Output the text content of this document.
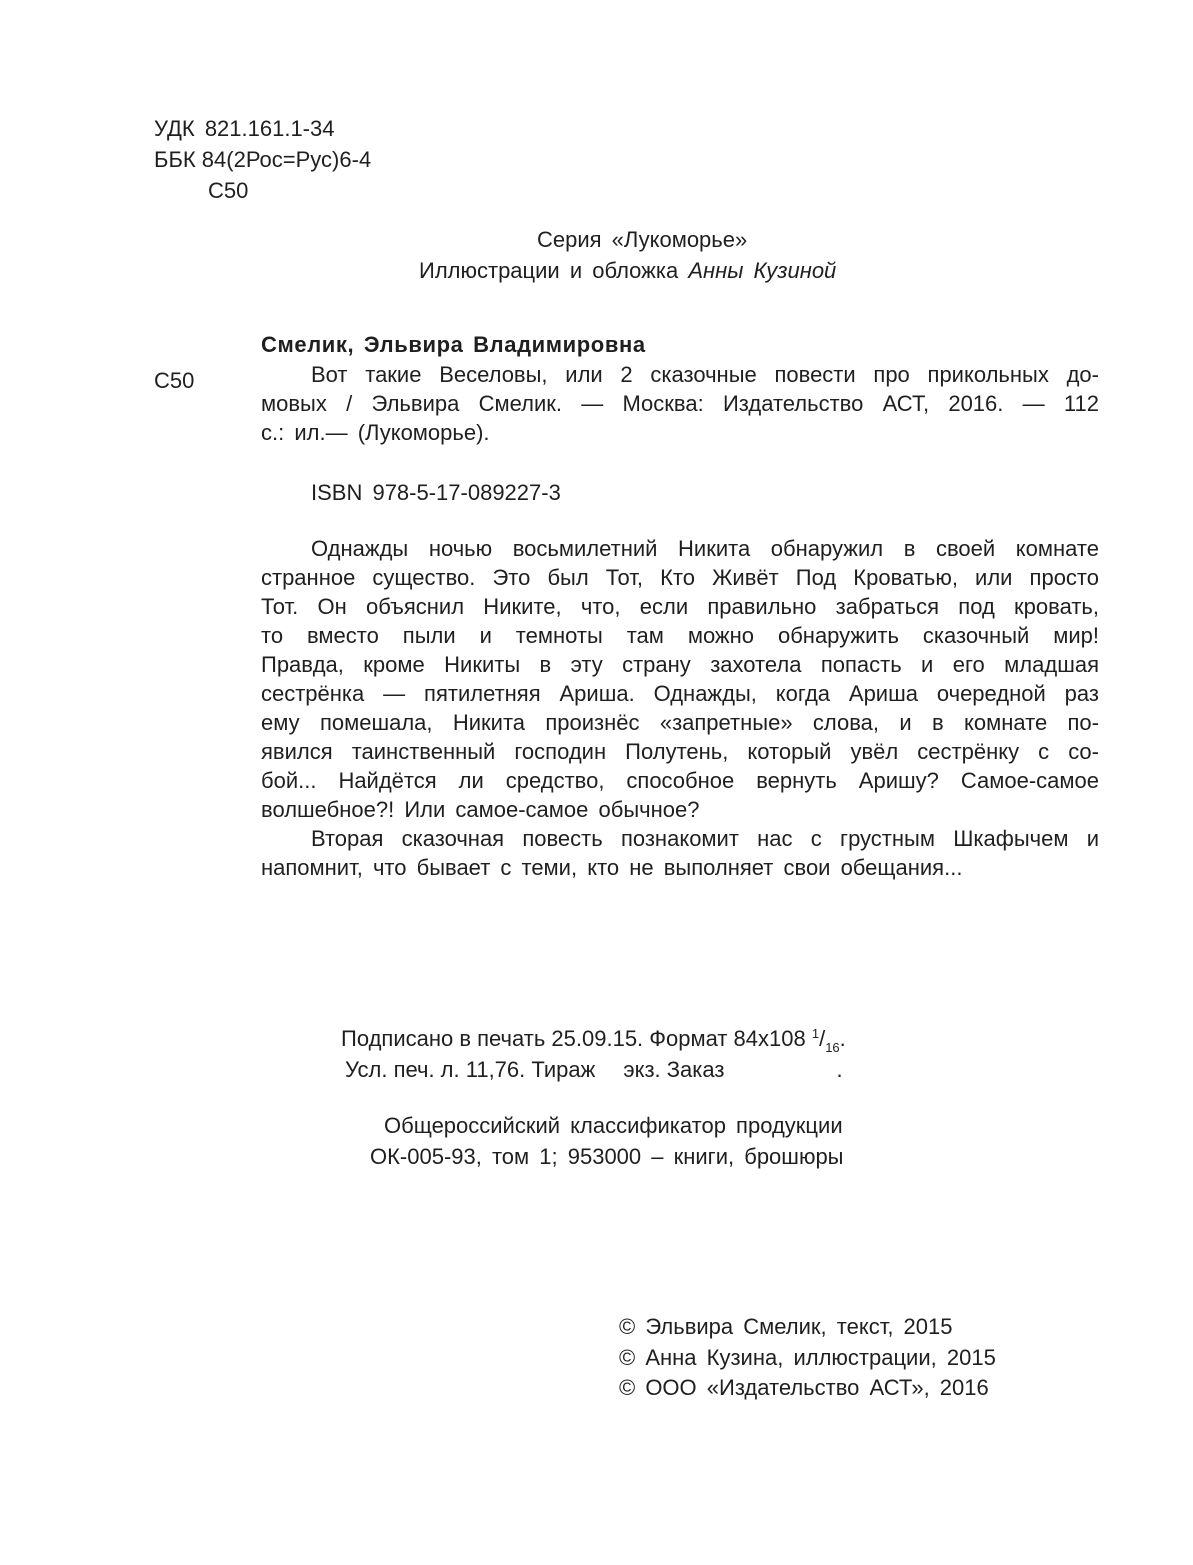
УДК 821.161.1-34
ББК 84(2Рос=Рус)6-4
С50
Серия «Лукоморье»
Иллюстрации и обложка Анны Кузиной
Смелик, Эльвира Владимировна
С50	Вот такие Веселовы, или 2 сказочные повести про прикольных до-

мовых / Эльвира Смелик. — Москва: Издательство АСТ, 2016. — 112

с.: ил.— (Лукоморье).

ISBN 978-5-17-089227-3
Однажды ночью восьмилетний Никита обнаружил в своей комнате
странное существо. Это был Тот, Кто Живёт Под Кроватью, или просто
Тот. Он объяснил Никите, что, если правильно забраться под кровать,
то вместо пыли и темноты там можно обнаружить сказочный мир!
Правда, кроме Никиты в эту страну захотела попасть и его младшая
сестрёнка — пятилетняя Ариша. Однажды, когда Ариша очередной раз
ему помешала, Никита произнёс «запретные» слова, и в комнате по-
явился таинственный господин Полутень, который увёл сестрёнку с со-
бой... Найдётся ли средство, способное вернуть Аришу? Самое-самое
волшебное?! Или самое-самое обычное?
Вторая сказочная повесть познакомит нас с грустным Шкафычем и
напомнит, что бывает с теми, кто не выполняет свои обещания...
Подписано в печать 25.09.15. Формат 84х108 $^1/_{16}$.
Усл. печ. л. 11,76. Тираж экз. Заказ	.
Общероссийский классификатор продукции
ОК-005-93, том 1; 953000 – книги, брошюры
© Эльвира Смелик, текст, 2015
© Анна Кузина, иллюстрации, 2015
© ООО «Издательство АСТ», 2016
